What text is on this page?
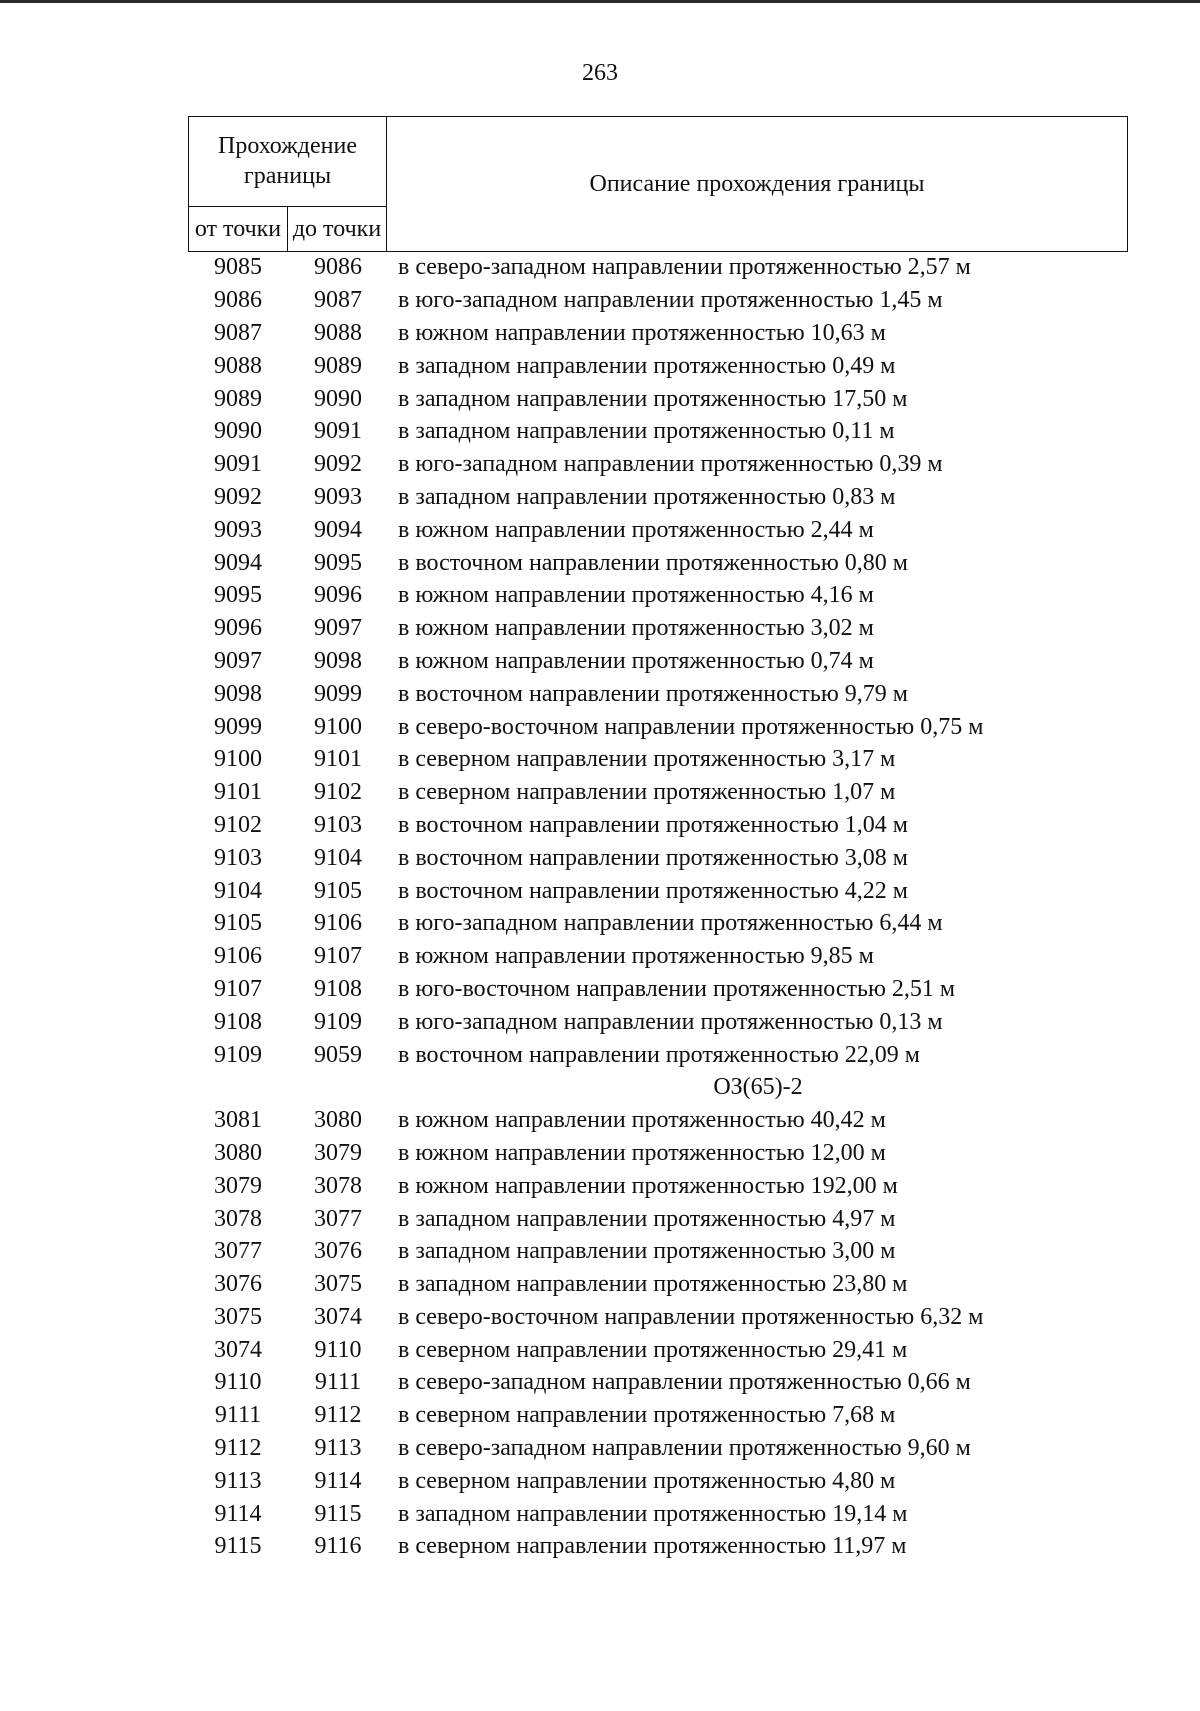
263
Прохождение границы		Описание прохождения границы
от точки	до точки	
9085	9086	в северо-западном направлении протяженностью 2,57 м
9086	9087	в юго-западном направлении протяженностью 1,45 м
9087	9088	в южном направлении протяженностью 10,63 м
9088	9089	в западном направлении протяженностью 0,49 м
9089	9090	в западном направлении протяженностью 17,50 м
9090	9091	в западном направлении протяженностью 0,11 м
9091	9092	в юго-западном направлении протяженностью 0,39 м
9092	9093	в западном направлении протяженностью 0,83 м
9093	9094	в южном направлении протяженностью 2,44 м
9094	9095	в восточном направлении протяженностью 0,80 м
9095	9096	в южном направлении протяженностью 4,16 м
9096	9097	в южном направлении протяженностью 3,02 м
9097	9098	в южном направлении протяженностью 0,74 м
9098	9099	в восточном направлении протяженностью 9,79 м
9099	9100	в северо-восточном направлении протяженностью 0,75 м
9100	9101	в северном направлении протяженностью 3,17 м
9101	9102	в северном направлении протяженностью 1,07 м
9102	9103	в восточном направлении протяженностью 1,04 м
9103	9104	в восточном направлении протяженностью 3,08 м
9104	9105	в восточном направлении протяженностью 4,22 м
9105	9106	в юго-западном направлении протяженностью 6,44 м
9106	9107	в южном направлении протяженностью 9,85 м
9107	9108	в юго-восточном направлении протяженностью 2,51 м
9108	9109	в юго-западном направлении протяженностью 0,13 м
9109	9059	в восточном направлении протяженностью 22,09 м
ОЗ(65)-2
3081	3080	в южном направлении протяженностью 40,42 м
3080	3079	в южном направлении протяженностью 12,00 м
3079	3078	в южном направлении протяженностью 192,00 м
3078	3077	в западном направлении протяженностью 4,97 м
3077	3076	в западном направлении протяженностью 3,00 м
3076	3075	в западном направлении протяженностью 23,80 м
3075	3074	в северо-восточном направлении протяженностью 6,32 м
3074	9110	в северном направлении протяженностью 29,41 м
9110	9111	в северо-западном направлении протяженностью 0,66 м
9111	9112	в северном направлении протяженностью 7,68 м
9112	9113	в северо-западном направлении протяженностью 9,60 м
9113	9114	в северном направлении протяженностью 4,80 м
9114	9115	в западном направлении протяженностью 19,14 м
9115	9116	в северном направлении протяженностью 11,97 м
